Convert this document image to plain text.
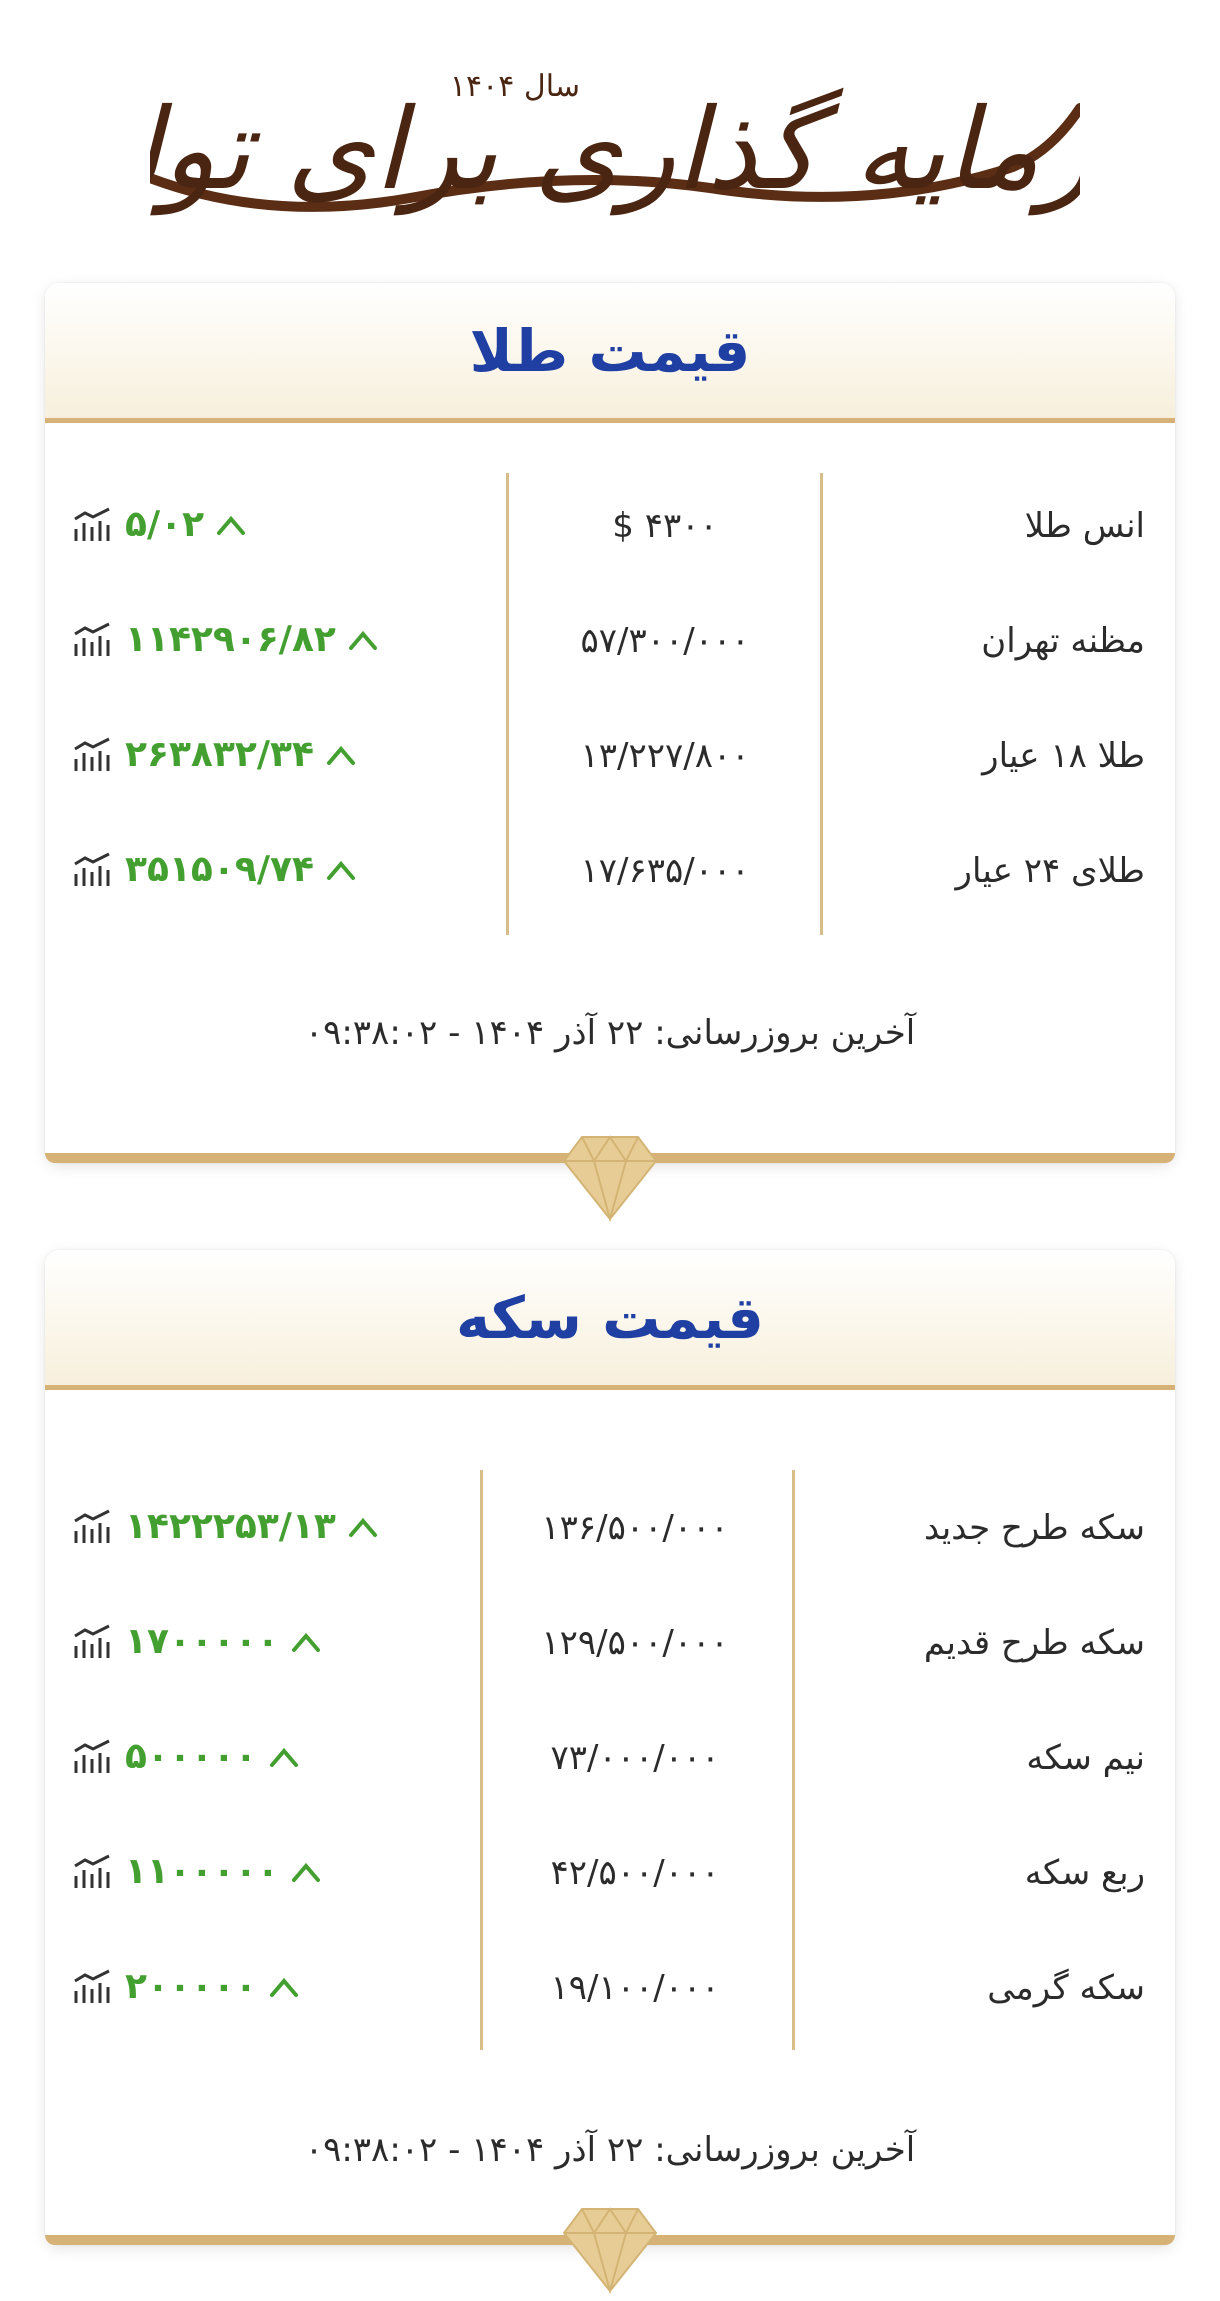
سال ۱۴۰۴	مایه گذاری برای تو
قیمت طلا
انس طلا
$ ۴۳۰۰
۵/۰۲
مظنه تهران
۵۷/۳۰۰/۰۰۰
۱۱۴۲۹۰۶/۸۲
طلا ۱۸ عیار
۱۳/۲۲۷/۸۰۰
۲۶۳۸۳۲/۳۴
طلای ۲۴ عیار
۱۷/۶۳۵/۰۰۰
۳۵۱۵۰۹/۷۴
آخرین بروزرسانی: ۲۲ آذر ۱۴۰۴ - ۰۹:۳۸:۰۲
قیمت سکه
سکه طرح جدید
۱۳۶/۵۰۰/۰۰۰
۱۴۲۲۲۵۳/۱۳
سکه طرح قدیم
۱۲۹/۵۰۰/۰۰۰
۱۷۰۰۰۰۰
نیم سکه
۷۳/۰۰۰/۰۰۰
۵۰۰۰۰۰
ربع سکه
۴۲/۵۰۰/۰۰۰
۱۱۰۰۰۰۰
سکه گرمی
۱۹/۱۰۰/۰۰۰
۲۰۰۰۰۰
آخرین بروزرسانی: ۲۲ آذر ۱۴۰۴ - ۰۹:۳۸:۰۲
